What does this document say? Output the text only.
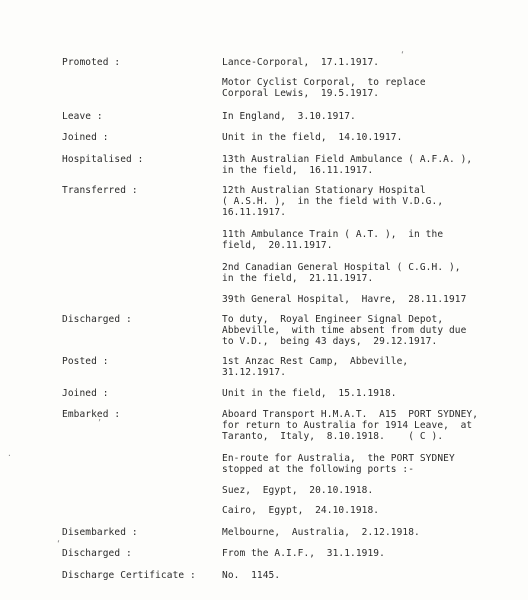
Promoted :	Lance-Corporal,  17.1.1917.
Motor Cyclist Corporal,  to replace
Corporal Lewis,  19.5.1917.
Leave :	In England,  3.10.1917.
Joined :	Unit in the field,  14.10.1917.
Hospitalised :	13th Australian Field Ambulance ( A.F.A. ),
in the field,  16.11.1917.
Transferred :	12th Australian Stationary Hospital
( A.S.H. ),  in the field with V.D.G.,
16.11.1917.
11th Ambulance Train ( A.T. ),  in the
field,  20.11.1917.
2nd Canadian General Hospital ( C.G.H. ),
in the field,  21.11.1917.
39th General Hospital,  Havre,  28.11.1917
Discharged :	To duty,  Royal Engineer Signal Depot,
Abbeville,  with time absent from duty due
to V.D.,  being 43 days,  29.12.1917.
Posted :	1st Anzac Rest Camp,  Abbeville,
31.12.1917.
Joined :	Unit in the field,  15.1.1918.
Embarked :	Aboard Transport H.M.A.T.  A15  PORT SYDNEY,
for return to Australia for 1914 Leave,  at
Taranto,  Italy,  8.10.1918.    ( C ).
En-route for Australia,  the PORT SYDNEY
stopped at the following ports :-
Suez,  Egypt,  20.10.1918.
Cairo,  Egypt,  24.10.1918.
Disembarked :	Melbourne,  Australia,  2.12.1918.
Discharged :	From the A.I.F.,  31.1.1919.
Discharge Certificate :	No.  1145.
‘
’
‘
·
